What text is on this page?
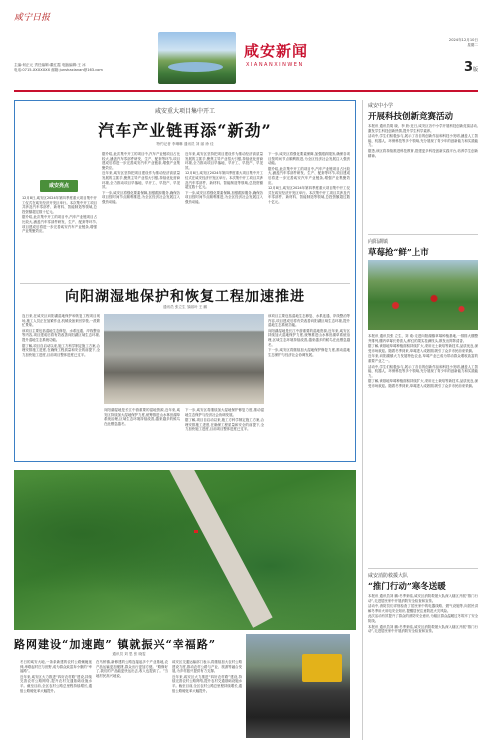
咸宁日报
主编:何正元 责任编辑:董红霞 电脑编辑:王 冰
电话:0715-XXXXXXX 邮箱:junshaxianan@163.com
咸安新闻
XIANANXINWEN
2024年12月10日
星期二
3版
咸安重大项目集中开工
汽车产业链再添“新劲”
特约记者 李琳琳 通讯员 刘 丽 徐 佳
咸安亮点

12月8日,咸安区2024年第四季度重大项目集中开工仪式在咸安经济开发区举行。本次集中开工项目共涉及汽车零部件、新材料、智能制造等领域,总投资额超过数十亿元。

据介绍,此次集中开工的项目中,汽车产业链项目占比较大,涵盖汽车零部件研发、生产、配套等环节,项目建成后将进一步完善咸安汽车产业链条,增强产业集聚效应。

据介绍,此次集中开工的项目中,汽车产业链项目占比较大,涵盖汽车零部件研发、生产、配套等环节,项目建成后将进一步完善咸安汽车产业链条,增强产业集聚效应。

近年来,咸安区坚持把项目建设作为推动经济高质量发展的主抓手,聚焦主导产业招大引强,持续优化营商环境,全力推动项目早落地、早开工、早投产、早见效。

下一步,咸安区将强化要素保障,加强跟踪服务,确保各项目按时间节点顺利推进,为全区经济社会发展注入强劲动能。

近年来,咸安区坚持把项目建设作为推动经济高质量发展的主抓手,聚焦主导产业招大引强,持续优化营商环境,全力推动项目早落地、早开工、早投产、早见效。

12月8日,咸安区2024年第四季度重大项目集中开工仪式在咸安经济开发区举行。本次集中开工项目共涉及汽车零部件、新材料、智能制造等领域,总投资额超过数十亿元。

下一步,咸安区将强化要素保障,加强跟踪服务,确保各项目按时间节点顺利推进,为全区经济社会发展注入强劲动能。

下一步,咸安区将强化要素保障,加强跟踪服务,确保各项目按时间节点顺利推进,为全区经济社会发展注入强劲动能。

据介绍,此次集中开工的项目中,汽车产业链项目占比较大,涵盖汽车零部件研发、生产、配套等环节,项目建成后将进一步完善咸安汽车产业链条,增强产业集聚效应。

12月8日,咸安区2024年第四季度重大项目集中开工仪式在咸安经济开发区举行。本次集中开工项目共涉及汽车零部件、新材料、智能制造等领域,总投资额超过数十亿元。

向阳湖湿地保护和恢复工程加速推进
通讯员 张立生 邹丽叶 王 鹏

连日来,在咸安区向阳湖湿地保护和恢复工程项目现场,施工人员正在加紧作业,机械设备来回穿梭,一派繁忙景象。

该项目主要包括湿地生态修复、水系连通、岸线整治等内容,项目建成后将有效改善向阳湖区域生态环境,提升湿地生态系统功能。

据了解,项目自启动以来,施工方科学制定施工方案,合理安排施工进度,在确保工程质量和安全的前提下,全力加快施工进度,目前项目整体进度已过半。

向阳湖湿地是长江中游重要的湿地资源,近年来,咸安区持续加大湿地保护力度,统筹推进山水林田湖草系统治理,区域生态环境持续改善,越来越多的候鸟在此栖息越冬。

下一步,咸安区将继续加大湿地保护修复力度,推动湿地生态保护与经济社会协调发展。

据了解,项目自启动以来,施工方科学制定施工方案,合理安排施工进度,在确保工程质量和安全的前提下,全力加快施工进度,目前项目整体进度已过半。

该项目主要包括湿地生态修复、水系连通、岸线整治等内容,项目建成后将有效改善向阳湖区域生态环境,提升湿地生态系统功能。

向阳湖湿地是长江中游重要的湿地资源,近年来,咸安区持续加大湿地保护力度,统筹推进山水林田湖草系统治理,区域生态环境持续改善,越来越多的候鸟在此栖息越冬。

下一步,咸安区将继续加大湿地保护修复力度,推动湿地生态保护与经济社会协调发展。

路网建设“加速跑” 镇就振兴“幸福路”
通讯员 刘 思 张 晓雯

冬日的咸安大地,一条条新建的农村公路蜿蜒延伸,串联起村庄与田野,成为群众致富奔小康的“幸福路”。

近年来,咸安区大力推进“四好农村路”建设,持续完善农村公路网络,提升农村交通基础设施水平。截至目前,全区农村公路总里程持续增长,通组公路硬化率大幅提升。

在马桥镇,新修建的公路连接起多个产业基地,农产品运输更加便捷,群众出行更加方便。“路修好了,我们的产品能更快运出去,收入也提高了。”当地村民高兴地说。

咸安区交通运输部门表示,将继续加大农村公路建设力度,推动农村公路与产业、旅游等融合发展,为乡村振兴提供有力支撑。

近年来,咸安区大力推进“四好农村路”建设,持续完善农村公路网络,提升农村交通基础设施水平。截至目前,全区农村公路总里程持续增长,通组公路硬化率大幅提升。

咸安中小学
开展科技创新竞赛活动

本报讯 通讯员胡 晓、李 欣:近日,咸安区各中小学开展科技创新竞赛活动,激发学生科技创新热情,提升学生科学素养。

活动中,学生们积极参与,展示了各自的创新作品和科技小发明,涵盖人工智能、机器人、环保科技等多个领域,充分展现了青少年的创新能力和实践能力。

据悉,该区将持续推进科技教育,搭建更多科技创新实践平台,培养学生创新精神。

向阳湖镇
草莓抢“鲜”上市

本报讯 通讯员张 立生、刘 欢:走进向阳湖镇草莓种植基地,一排排大棚整齐排列,棚内草莓长势喜人,鲜红的果实挂满枝头,散发出阵阵清香。

据了解,该基地草莓种植面积持续扩大,采用无土栽培等新技术,品质优良,深受市场欢迎。随着冬季到来,草莓进入成熟期,吸引了众多市民前来采摘。

近年来,向阳湖镇大力发展特色农业,草莓产业已成为带动群众增收致富的重要产业之一。

活动中,学生们积极参与,展示了各自的创新作品和科技小发明,涵盖人工智能、机器人、环保科技等多个领域,充分展现了青少年的创新能力和实践能力。

据了解,该基地草莓种植面积持续扩大,采用无土栽培等新技术,品质优良,深受市场欢迎。随着冬季到来,草莓进入成熟期,吸引了众多市民前来采摘。

咸安消防救援大队
“推门行动”寒冬送暖

本报讯 通讯员刘 鹏:冬季来临,咸安区消防救援大队深入辖区开展“推门行动”,走进居民家中开展消防安全检查和宣传。

活动中,消防员们详细检查了居民家中的电器线路、燃气设施等,向居民讲解冬季用火用电安全知识,提醒居民注意防范火灾风险。

此次活动有效提升了群众的消防安全意识,为辖区群众温暖过冬筑牢了安全防线。

本报讯 通讯员刘 鹏:冬季来临,咸安区消防救援大队深入辖区开展“推门行动”,走进居民家中开展消防安全检查和宣传。
